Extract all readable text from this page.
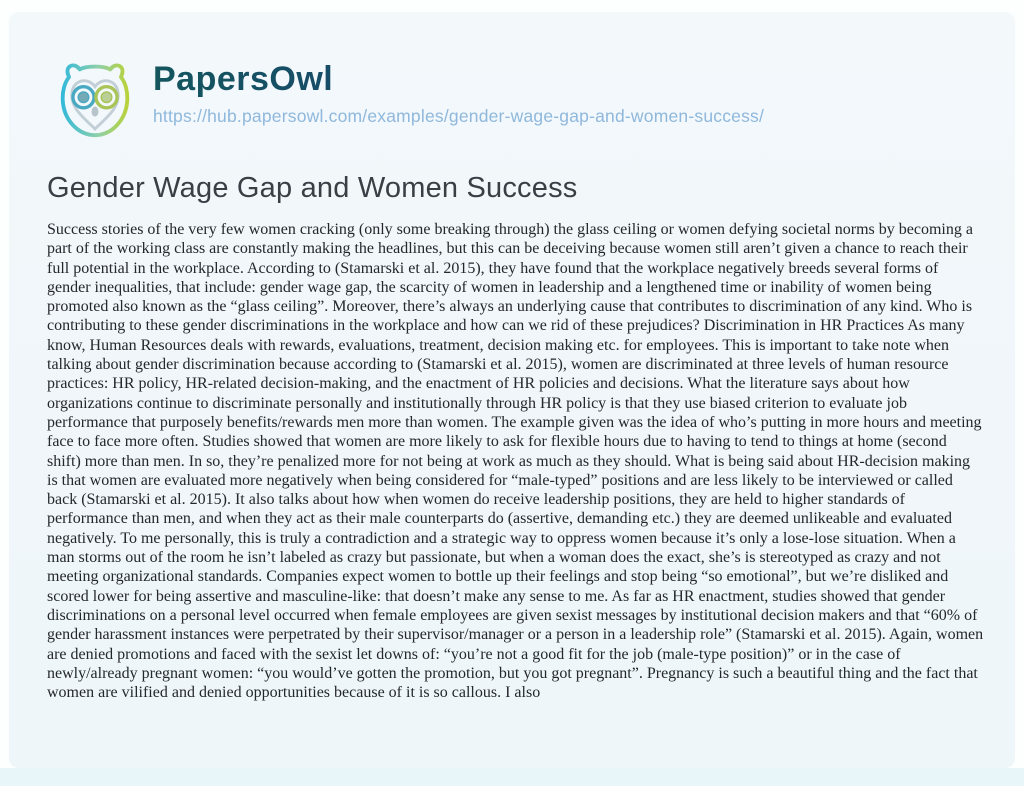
PapersOwl
https://hub.papersowl.com/examples/gender-wage-gap-and-women-success/
Gender Wage Gap and Women Success

Success stories of the very few women cracking (only some breaking through) the glass ceiling or women defying societal norms by becoming a part of the working class are constantly making the headlines, but this can be deceiving because women still aren’t given a chance to reach their full potential in the workplace. According to (Stamarski et al. 2015), they have found that the workplace negatively breeds several forms of gender inequalities, that include: gender wage gap, the scarcity of women in leadership and a lengthened time or inability of women being promoted also known as the “glass ceiling”. Moreover, there’s always an underlying cause that contributes to discrimination of any kind. Who is contributing to these gender discriminations in the workplace and how can we rid of these prejudices? Discrimination in HR Practices As many know, Human Resources deals with rewards, evaluations, treatment, decision making etc. for employees. This is important to take note when talking about gender discrimination because according to (Stamarski et al. 2015), women are discriminated at three levels of human resource practices: HR policy, HR-related decision-making, and the enactment of HR policies and decisions. What the literature says about how organizations continue to discriminate personally and institutionally through HR policy is that they use biased criterion to evaluate job performance that purposely benefits/rewards men more than women. The example given was the idea of who’s putting in more hours and meeting face to face more often. Studies showed that women are more likely to ask for flexible hours due to having to tend to things at home (second shift) more than men. In so, they’re penalized more for not being at work as much as they should. What is being said about HR-decision making is that women are evaluated more negatively when being considered for “male-typed” positions and are less likely to be interviewed or called back (Stamarski et al. 2015). It also talks about how when women do receive leadership positions, they are held to higher standards of performance than men, and when they act as their male counterparts do (assertive, demanding etc.) they are deemed unlikeable and evaluated negatively. To me personally, this is truly a contradiction and a strategic way to oppress women because it’s only a lose-lose situation. When a man storms out of the room he isn’t labeled as crazy but passionate, but when a woman does the exact, she’s is stereotyped as crazy and not meeting organizational standards. Companies expect women to bottle up their feelings and stop being “so emotional”, but we’re disliked and scored lower for being assertive and masculine-like: that doesn’t make any sense to me. As far as HR enactment, studies showed that gender discriminations on a personal level occurred when female employees are given sexist messages by institutional decision makers and that “60% of gender harassment instances were perpetrated by their supervisor/manager or a person in a leadership role” (Stamarski et al. 2015). Again, women are denied promotions and faced with the sexist let downs of: “you’re not a good fit for the job (male-type position)” or in the case of newly/already pregnant women: “you would’ve gotten the promotion, but you got pregnant”. Pregnancy is such a beautiful thing and the fact that women are vilified and denied opportunities because of it is so callous. I also
